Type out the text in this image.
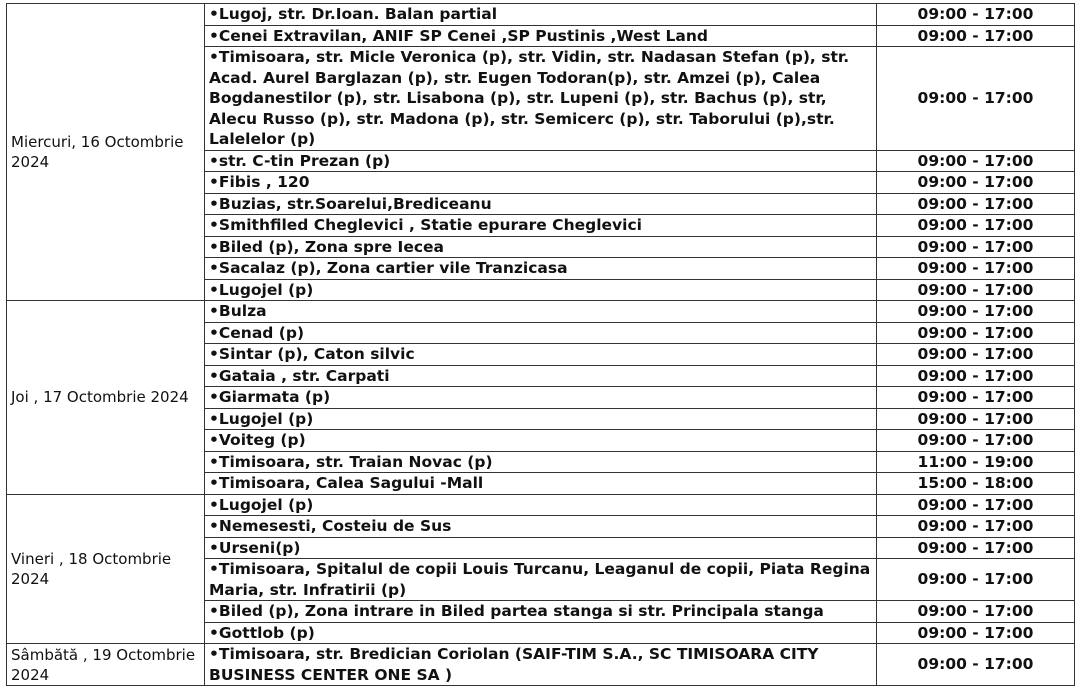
Miercuri, 16 Octombrie 2024	•Lugoj, str. Dr.Ioan. Balan partial	09:00 - 17:00
	•Cenei Extravilan, ANIF SP Cenei ,SP Pustinis ,West Land	09:00 - 17:00
	•Timisoara, str. Micle Veronica (p), str. Vidin, str. Nadasan Stefan (p), str. Acad. Aurel Barglazan (p), str. Eugen Todoran(p), str. Amzei (p), Calea Bogdanestilor (p), str. Lisabona (p), str. Lupeni (p), str. Bachus (p), str, Alecu Russo (p), str. Madona (p), str. Semicerc (p), str. Taborului (p),str. Lalelelor (p)	09:00 - 17:00
	•str. C-tin Prezan (p)	09:00 - 17:00
	•Fibis , 120	09:00 - 17:00
	•Buzias, str.Soarelui,Brediceanu	09:00 - 17:00
	•Smithfiled Cheglevici , Statie epurare Cheglevici	09:00 - 17:00
	•Biled (p), Zona spre Iecea	09:00 - 17:00
	•Sacalaz (p), Zona cartier vile Tranzicasa	09:00 - 17:00
	•Lugojel (p)	09:00 - 17:00
Joi , 17 Octombrie 2024	•Bulza	09:00 - 17:00
	•Cenad (p)	09:00 - 17:00
	•Sintar (p), Caton silvic	09:00 - 17:00
	•Gataia , str. Carpati	09:00 - 17:00
	•Giarmata (p)	09:00 - 17:00
	•Lugojel (p)	09:00 - 17:00
	•Voiteg (p)	09:00 - 17:00
	•Timisoara, str. Traian Novac (p)	11:00 - 19:00
	•Timisoara, Calea Sagului -Mall	15:00 - 18:00
Vineri , 18 Octombrie 2024	•Lugojel (p)	09:00 - 17:00
	•Nemesesti, Costeiu de Sus	09:00 - 17:00
	•Urseni(p)	09:00 - 17:00
	•Timisoara, Spitalul de copii Louis Turcanu, Leaganul de copii, Piata Regina Maria, str. Infratirii (p)	09:00 - 17:00
	•Biled (p), Zona intrare in Biled partea stanga si str. Principala stanga	09:00 - 17:00
	•Gottlob (p)	09:00 - 17:00
Sâmbătă , 19 Octombrie 2024	•Timisoara, str. Bredician Coriolan (SAIF-TIM S.A., SC TIMISOARA CITY BUSINESS CENTER ONE SA )	09:00 - 17:00
